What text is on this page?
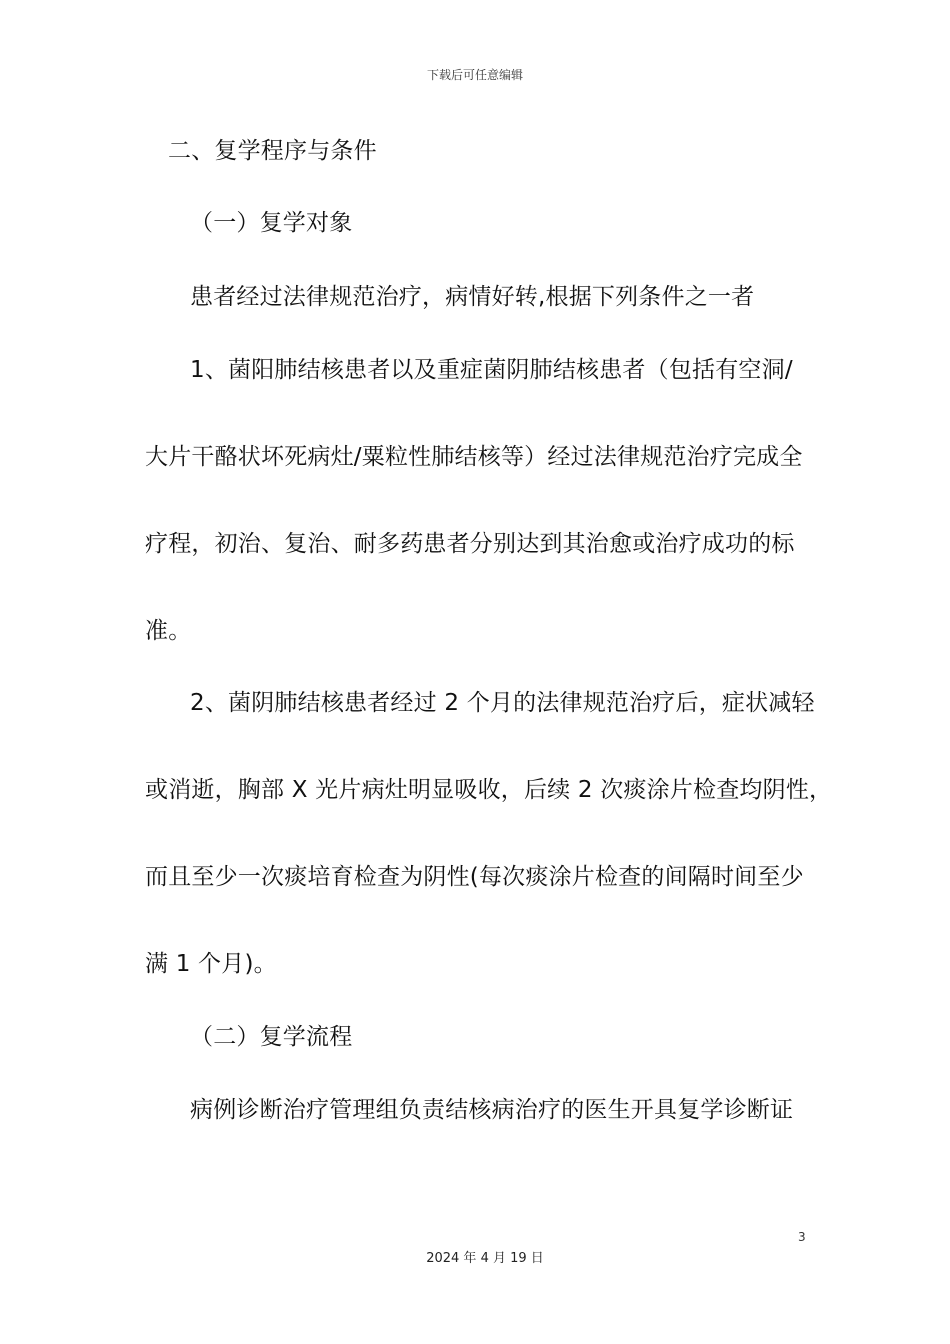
下载后可任意编辑
二、复学程序与条件
（一）复学对象
患者经过法律规范治疗，病情好转,根据下列条件之一者
1、菌阳肺结核患者以及重症菌阴肺结核患者（包括有空洞/
大片干酪状坏死病灶/粟粒性肺结核等）经过法律规范治疗完成全
疗程，初治、复治、耐多药患者分别达到其治愈或治疗成功的标
准。
2、菌阴肺结核患者经过 2 个月的法律规范治疗后，症状减轻
或消逝，胸部 X 光片病灶明显吸收，后续 2 次痰涂片检查均阴性，
而且至少一次痰培育检查为阴性(每次痰涂片检查的间隔时间至少
满 1 个月)。
（二）复学流程
病例诊断治疗管理组负责结核病治疗的医生开具复学诊断证
3
2024 年 4 月 19 日
